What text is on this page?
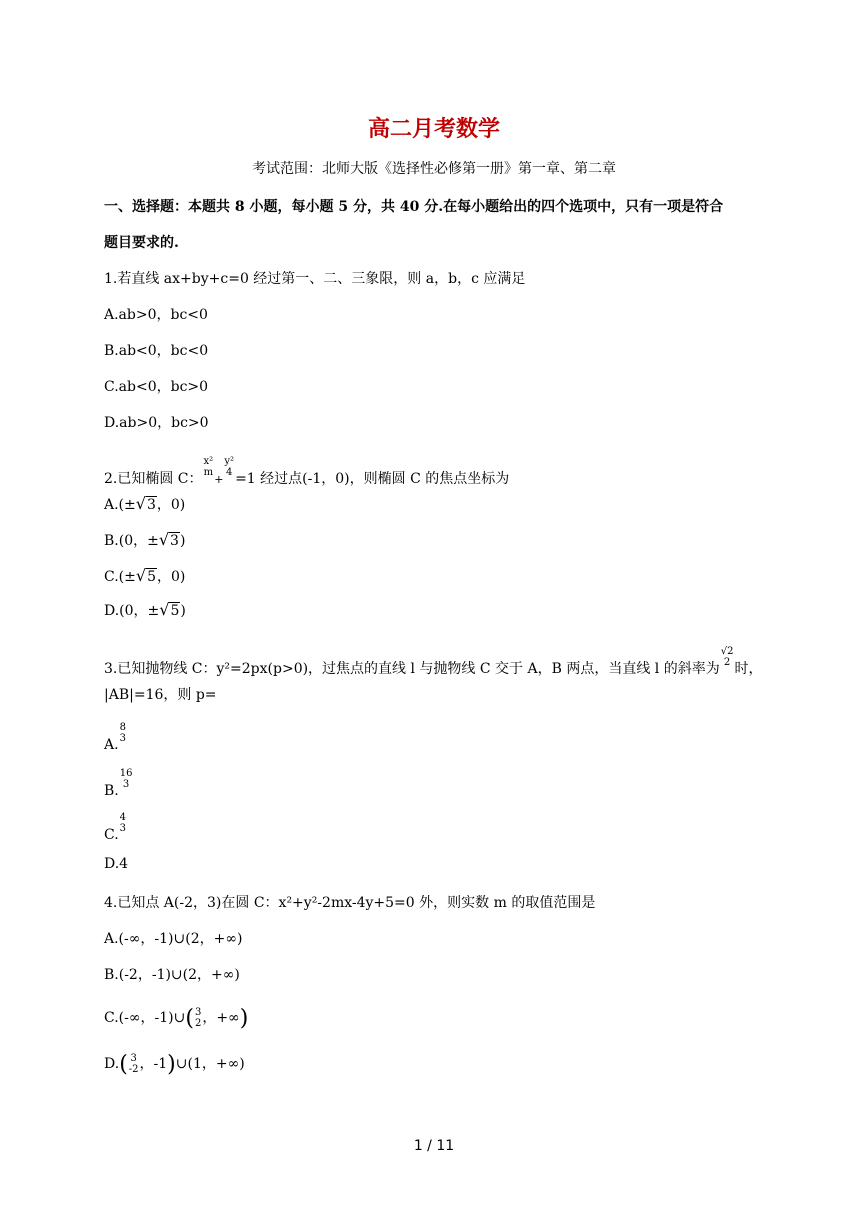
高二月考数学
考试范围：北师大版《选择性必修第一册》第一章、第二章
一、选择题：本题共 8 小题，每小题 5 分，共 40 分.在每小题给出的四个选项中，只有一项是符合
题目要求的.
1.若直线 ax+by+c=0 经过第一、二、三象限，则 a，b，c 应满足
A.ab>0，bc<0
B.ab<0，bc<0
C.ab<0，bc>0
D.ab>0，bc>0
2.已知椭圆 C：
x²
m
+
y²
4 =1 经过点(-1，0)，则椭圆 C 的焦点坐标为
A.(±√3，0)
B.(0，±√3)
C.(±√5，0)
D.(0，±√5)
3.已知抛物线 C：y²=2px(p>0)，过焦点的直线 l 与抛物线 C 交于 A，B 两点，当直线 l 的斜率为
√2
2 时，
|AB|=16，则 p=
A.
8
3
B.
16
3
C.
4
3
D.4
4.已知点 A(-2，3)在圆 C：x²+y²-2mx-4y+5=0 外，则实数 m 的取值范围是
A.(-∞，-1)∪(2，+∞)
B.(-2，-1)∪(2，+∞)
C.(-∞，-1)∪( 3
2 ，+∞)
D.( 3
-2 ，-1)∪(1，+∞)
1 / 11
